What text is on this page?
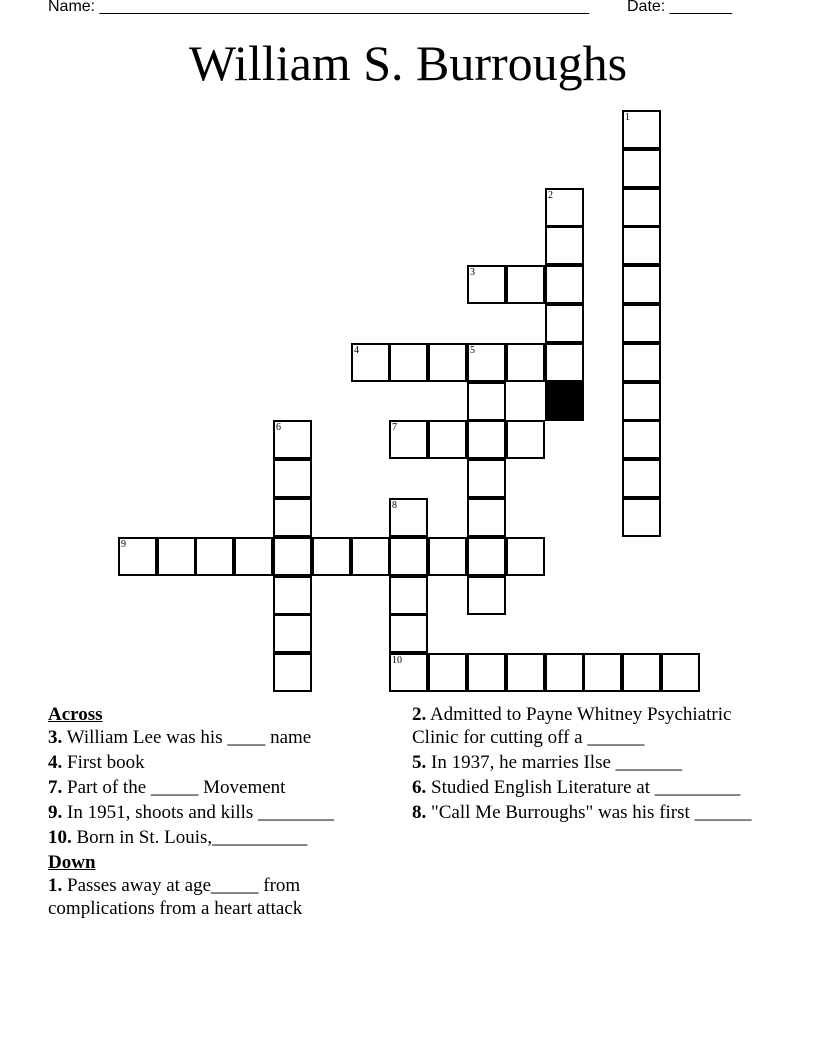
Name: _______________________________________________________ Date: _______
William S. Burroughs
1
2
3
4	5
6	7
8
10
9
Across
3. William Lee was his ____ name
4. First book
7. Part of the _____ Movement
9. In 1951, shoots and kills ________
10. Born in St. Louis,__________
Down
1. Passes away at age_____ from complications from a heart attack
2. Admitted to Payne Whitney Psychiatric Clinic for cutting off a ______
5. In 1937, he marries Ilse _______
6. Studied English Literature at _________
8. "Call Me Burroughs" was his first ______
